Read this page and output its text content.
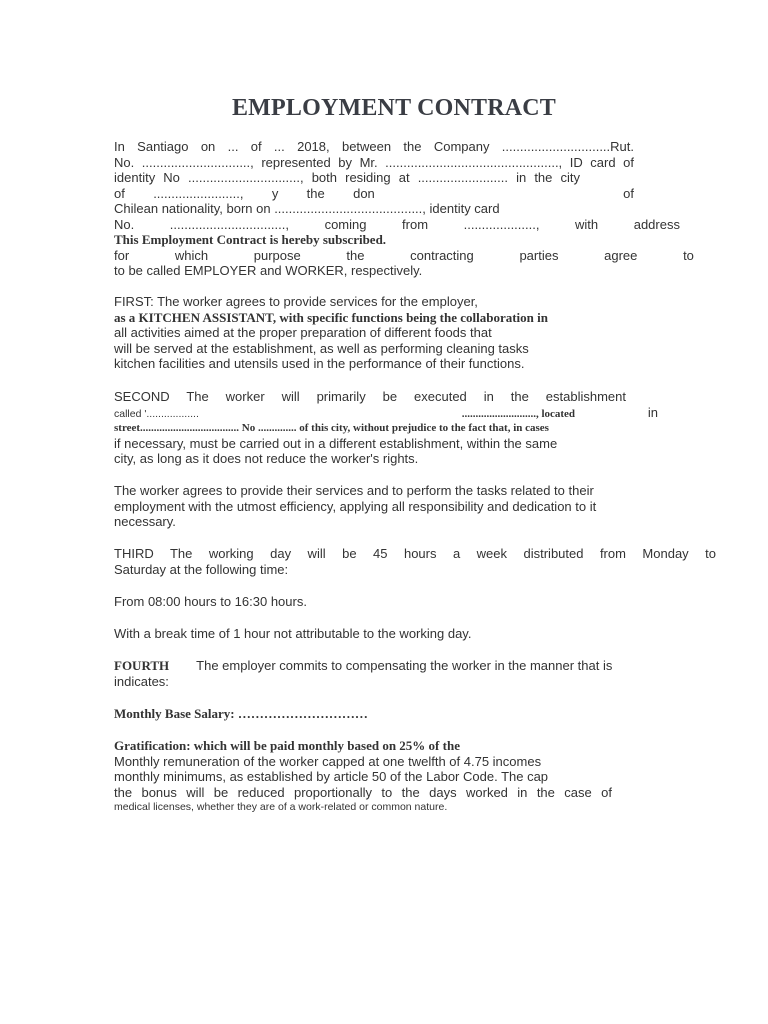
EMPLOYMENT CONTRACT
In Santiago on ... of ... 2018, between the Company ..............................Rut.
No. .............................., represented by Mr. ................................................, ID card of
identity No ..............................., both residing at ......................... in the city
of ........................, y the don	of
Chilean nationality, born on ........................................., identity card
No.	................................,	coming	from	....................,	with	address
This Employment Contract is hereby subscribed.
for	which	purpose	the	contracting	parties	agree	to
to be called EMPLOYER and WORKER, respectively.
FIRST: The worker agrees to provide services for the employer,
as a KITCHEN ASSISTANT, with specific functions being the collaboration in
all activities aimed at the proper preparation of different foods that
will be served at the establishment, as well as performing cleaning tasks
kitchen facilities and utensils used in the performance of their functions.
SECOND The worker will primarily be executed in the establishment
called '..................	..........................., located	in
street.................................... No .............. of this city, without prejudice to the fact that, in cases
if necessary, must be carried out in a different establishment, within the same
city, as long as it does not reduce the worker's rights.
The worker agrees to provide their services and to perform the tasks related to their
employment with the utmost efficiency, applying all responsibility and dedication to it
necessary.
THIRD The working day will be 45 hours a week distributed from Monday to
Saturday at the following time:
From 08:00 hours to 16:30 hours.
With a break time of 1 hour not attributable to the working day.
FOURTH The employer commits to compensating the worker in the manner that is
indicates:
Monthly Base Salary: …………………………
Gratification: which will be paid monthly based on 25% of the
Monthly remuneration of the worker capped at one twelfth of 4.75 incomes
monthly minimums, as established by article 50 of the Labor Code. The cap
the bonus will be reduced proportionally to the days worked in the case of
medical licenses, whether they are of a work-related or common nature.
